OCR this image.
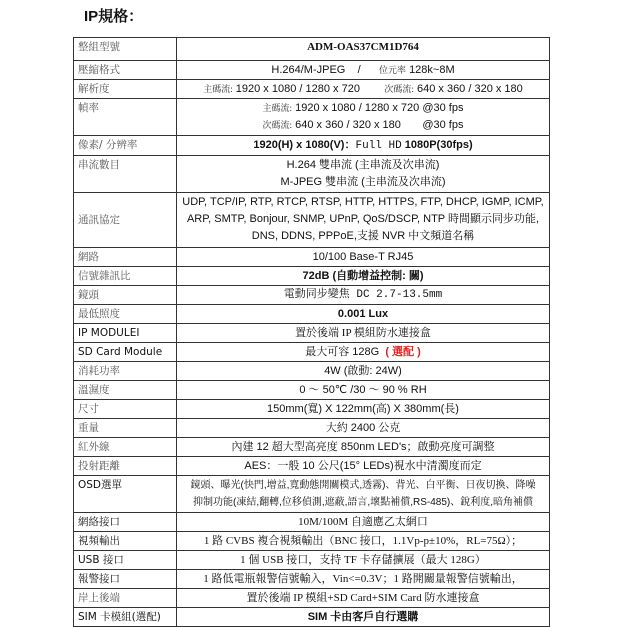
IP規格：
整組型號	ADM-OAS37CM1D764
壓縮格式	H.264/M-JPEG / 位元率 128k~8M
解析度	主碼流: 1920 x 1080 / 1280 x 720 次碼流: 640 x 360 / 320 x 180
幀率	主碼流: 1920 x 1080 / 1280 x 720 @30 fps
次碼流: 640 x 360 / 320 x 180 @30 fps

像素/ 分辨率	1920(H) x 1080(V)：Full HD 1080P(30fps)
串流數目	H.264 雙串流 (主串流及次串流)
M-JPEG 雙串流 (主串流及次串流)

通訊協定	UDP, TCP/IP, RTP, RTCP, RTSP, HTTP, HTTPS, FTP, DHCP, IGMP, ICMP,
ARP, SMTP, Bonjour, SNMP, UPnP, QoS/DSCP, NTP 時間顯示同步功能,
DNS, DDNS, PPPoE,支援 NVR 中文頻道名稱

網路	10/100 Base-T RJ45
信號雜訊比	72dB (自動增益控制: 關)
鏡頭	電動同步變焦 DC 2.7-13.5mm
最低照度	0.001 Lux
IP MODULEI	置於後端 IP 模組防水連接盒
SD Card Module	最大可容 128G ( 選配 )
消耗功率	4W (啟動: 24W)
溫濕度	0 ～ 50℃ /30 ～ 90 % RH
尺寸	150mm(寬) X 122mm(高) X 380mm(長)
重量	大約 2400 公克
紅外線	內建 12 超大型高亮度 850nm LED's；啟動亮度可調整
投射距離	AES：一般 10 公尺(15° LEDs)視水中清濁度而定
OSD選單	鏡頭、曝光(快門,增益,寬動態開關模式,透霧)、背光、白平衡、日夜切換、降噪
抑制功能(凍結,翻轉,位移偵測,遮蔽,語言,壞點補償,RS-485)、銳利度,暗角補償

網絡接口	10M/100M 自適應乙太網口
視頻輸出	1 路 CVBS 複合視頻輸出（BNC 接口，1.1Vp-p±10%，RL=75Ω）；
USB 接口	1 個 USB 接口，支持 TF 卡存儲擴展（最大 128G）
報警接口	1 路低電瓶報警信號輸入，Vin<=0.3V；1 路開關量報警信號輸出，
岸上後端	置於後端 IP 模組+SD Card+SIM Card 防水連接盒
SIM 卡模組(選配)	SIM 卡由客戶自行選購
